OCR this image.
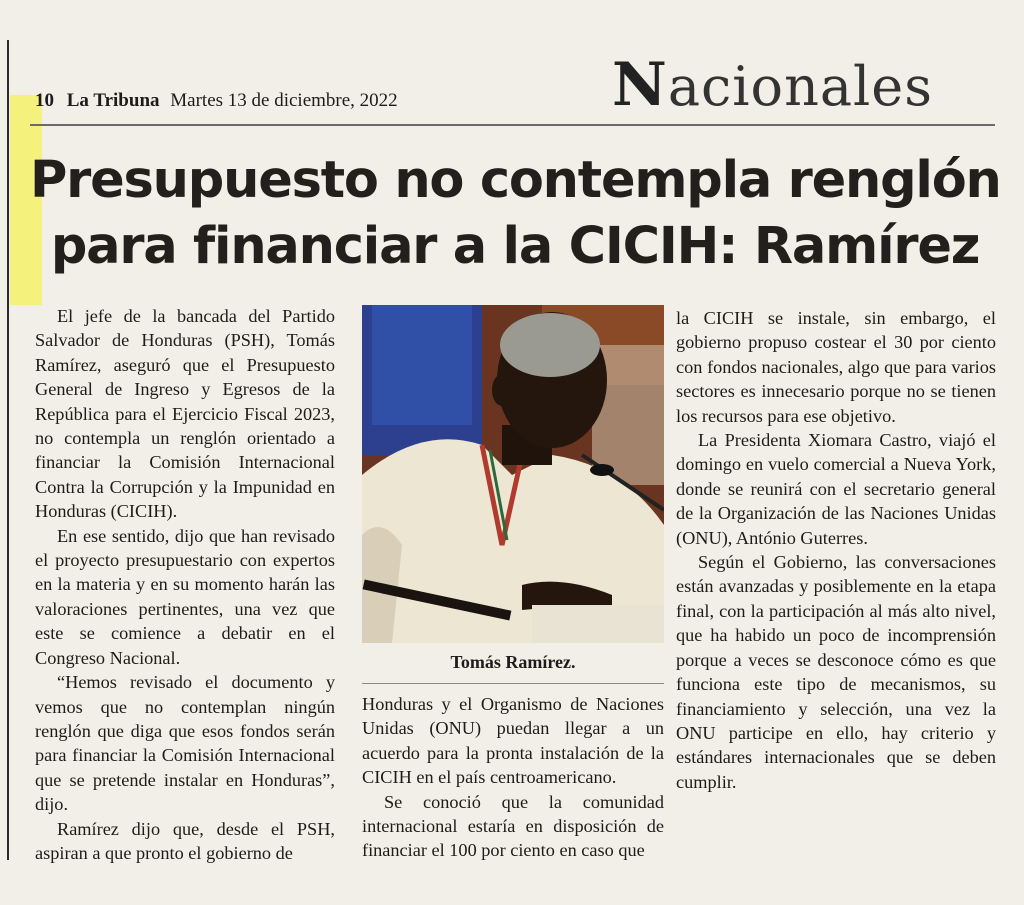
10 La Tribuna Martes 13 de diciembre, 2022	Nacionales
Presupuesto no contempla renglón
para financiar a la CICIH: Ramírez

El jefe de la bancada del Partido Salvador de Honduras (PSH), Tomás Ramírez, aseguró que el Presupuesto General de Ingreso y Egresos de la República para el Ejercicio Fiscal 2023, no contempla un renglón orientado a financiar la Comisión Internacional Contra la Corrupción y la Impunidad en Honduras (CICIH).

En ese sentido, dijo que han revisado el proyecto presupuestario con expertos en la materia y en su momento harán las valoraciones pertinentes, una vez que este se comience a debatir en el Congreso Nacional.

“Hemos revisado el documento y vemos que no contemplan ningún renglón que diga que esos fondos serán para financiar la Comisión Internacional que se pretende instalar en Honduras”, dijo.

Ramírez dijo que, desde el PSH, aspiran a que pronto el gobierno de

Tomás Ramírez.

Honduras y el Organismo de Naciones Unidas (ONU) puedan llegar a un acuerdo para la pronta instalación de la CICIH en el país centroamericano.

Se conoció que la comunidad internacional estaría en disposición de financiar el 100 por ciento en caso que

la CICIH se instale, sin embargo, el gobierno propuso costear el 30 por ciento con fondos nacionales, algo que para varios sectores es innecesario porque no se tienen los recursos para ese objetivo.

La Presidenta Xiomara Castro, viajó el domingo en vuelo comercial a Nueva York, donde se reunirá con el secretario general de la Organización de las Naciones Unidas (ONU), António Guterres.

Según el Gobierno, las conversaciones están avanzadas y posiblemente en la etapa final, con la participación al más alto nivel, que ha habido un poco de incomprensión porque a veces se desconoce cómo es que funciona este tipo de mecanismos, su financiamiento y selección, una vez la ONU participe en ello, hay criterio y estándares internacionales que se deben cumplir.
